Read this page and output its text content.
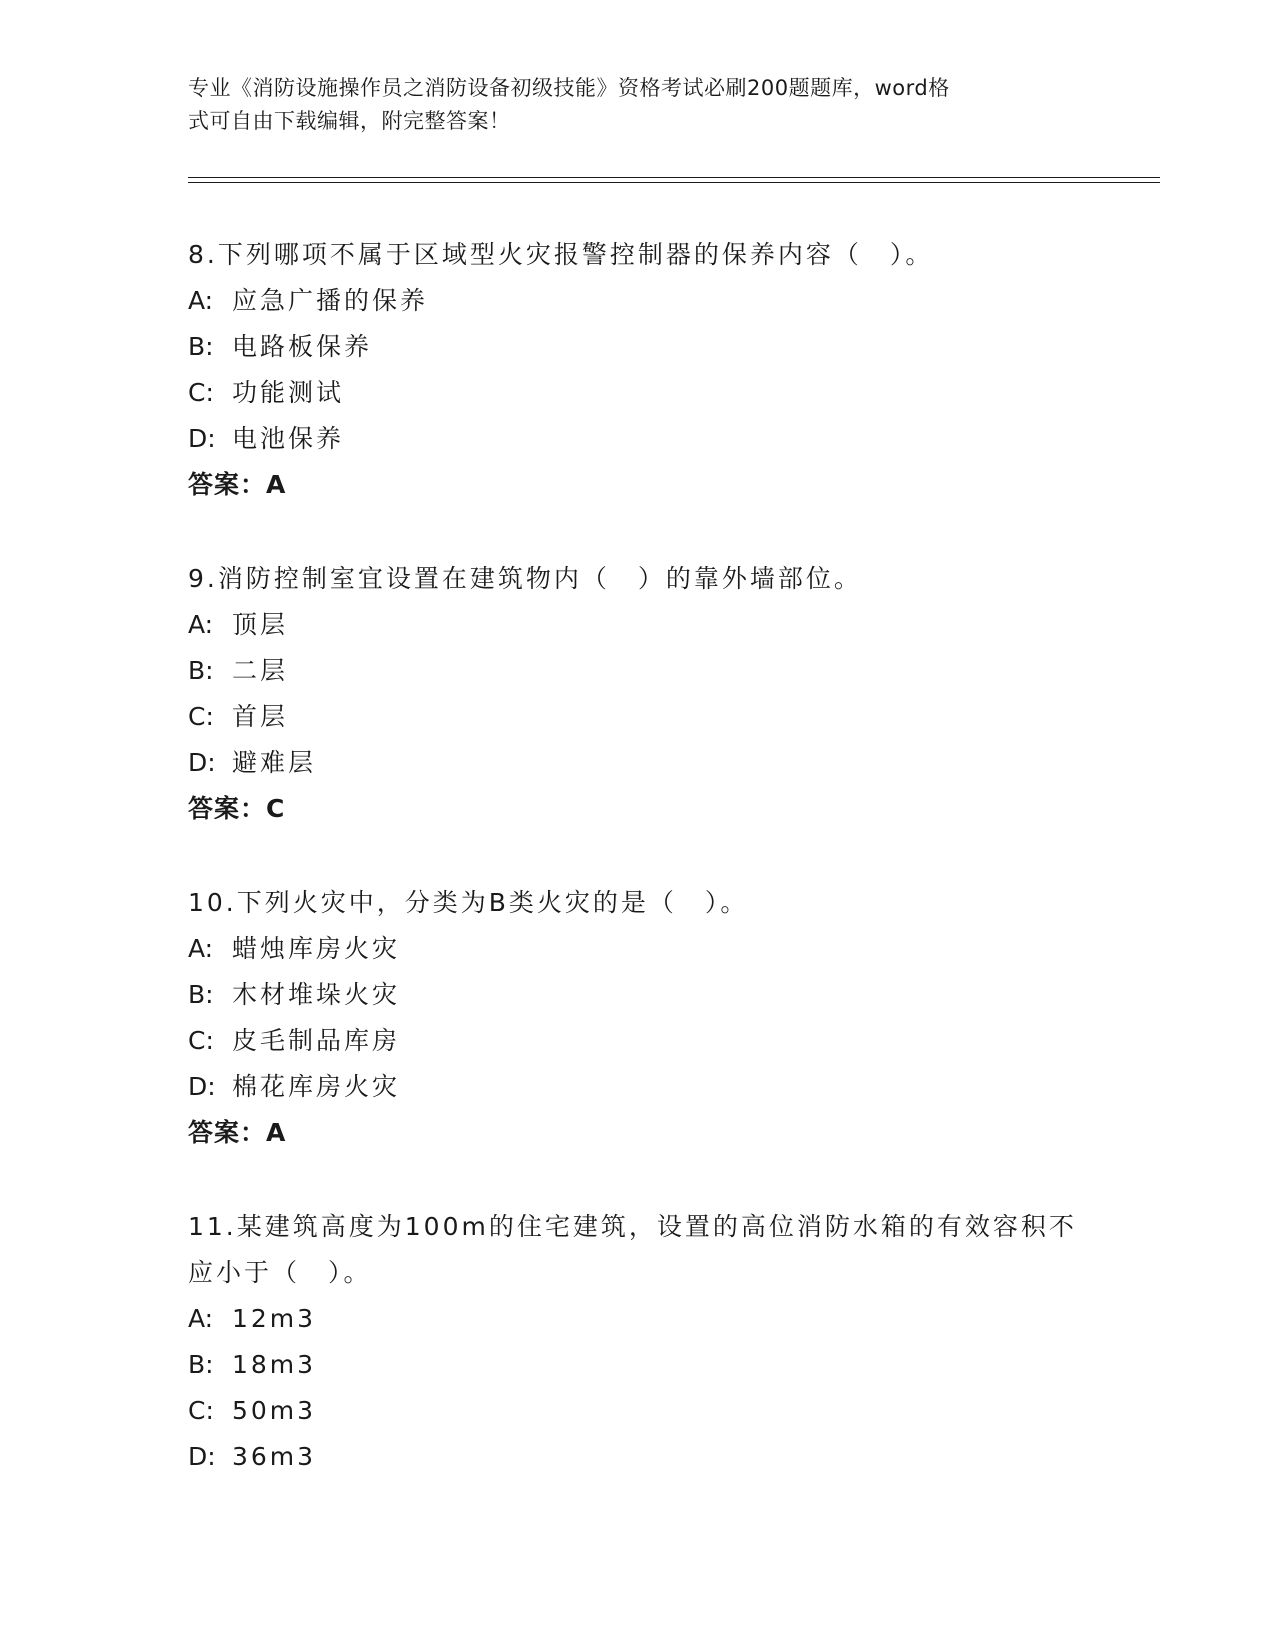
专业《消防设施操作员之消防设备初级技能》资格考试必刷200题题库，word格
式可自由下载编辑，附完整答案！
8.下列哪项不属于区域型火灾报警控制器的保养内容（　）。
A: 应急广播的保养
B: 电路板保养
C: 功能测试
D: 电池保养
答案：A
9.消防控制室宜设置在建筑物内（　）的靠外墙部位。
A: 顶层
B: 二层
C: 首层
D: 避难层
答案：C
10.下列火灾中，分类为B类火灾的是（　）。
A: 蜡烛库房火灾
B: 木材堆垛火灾
C: 皮毛制品库房
D: 棉花库房火灾
答案：A
11.某建筑高度为100m的住宅建筑，设置的高位消防水箱的有效容积不应小于（　）。
A: 12m3
B: 18m3
C: 50m3
D: 36m3
